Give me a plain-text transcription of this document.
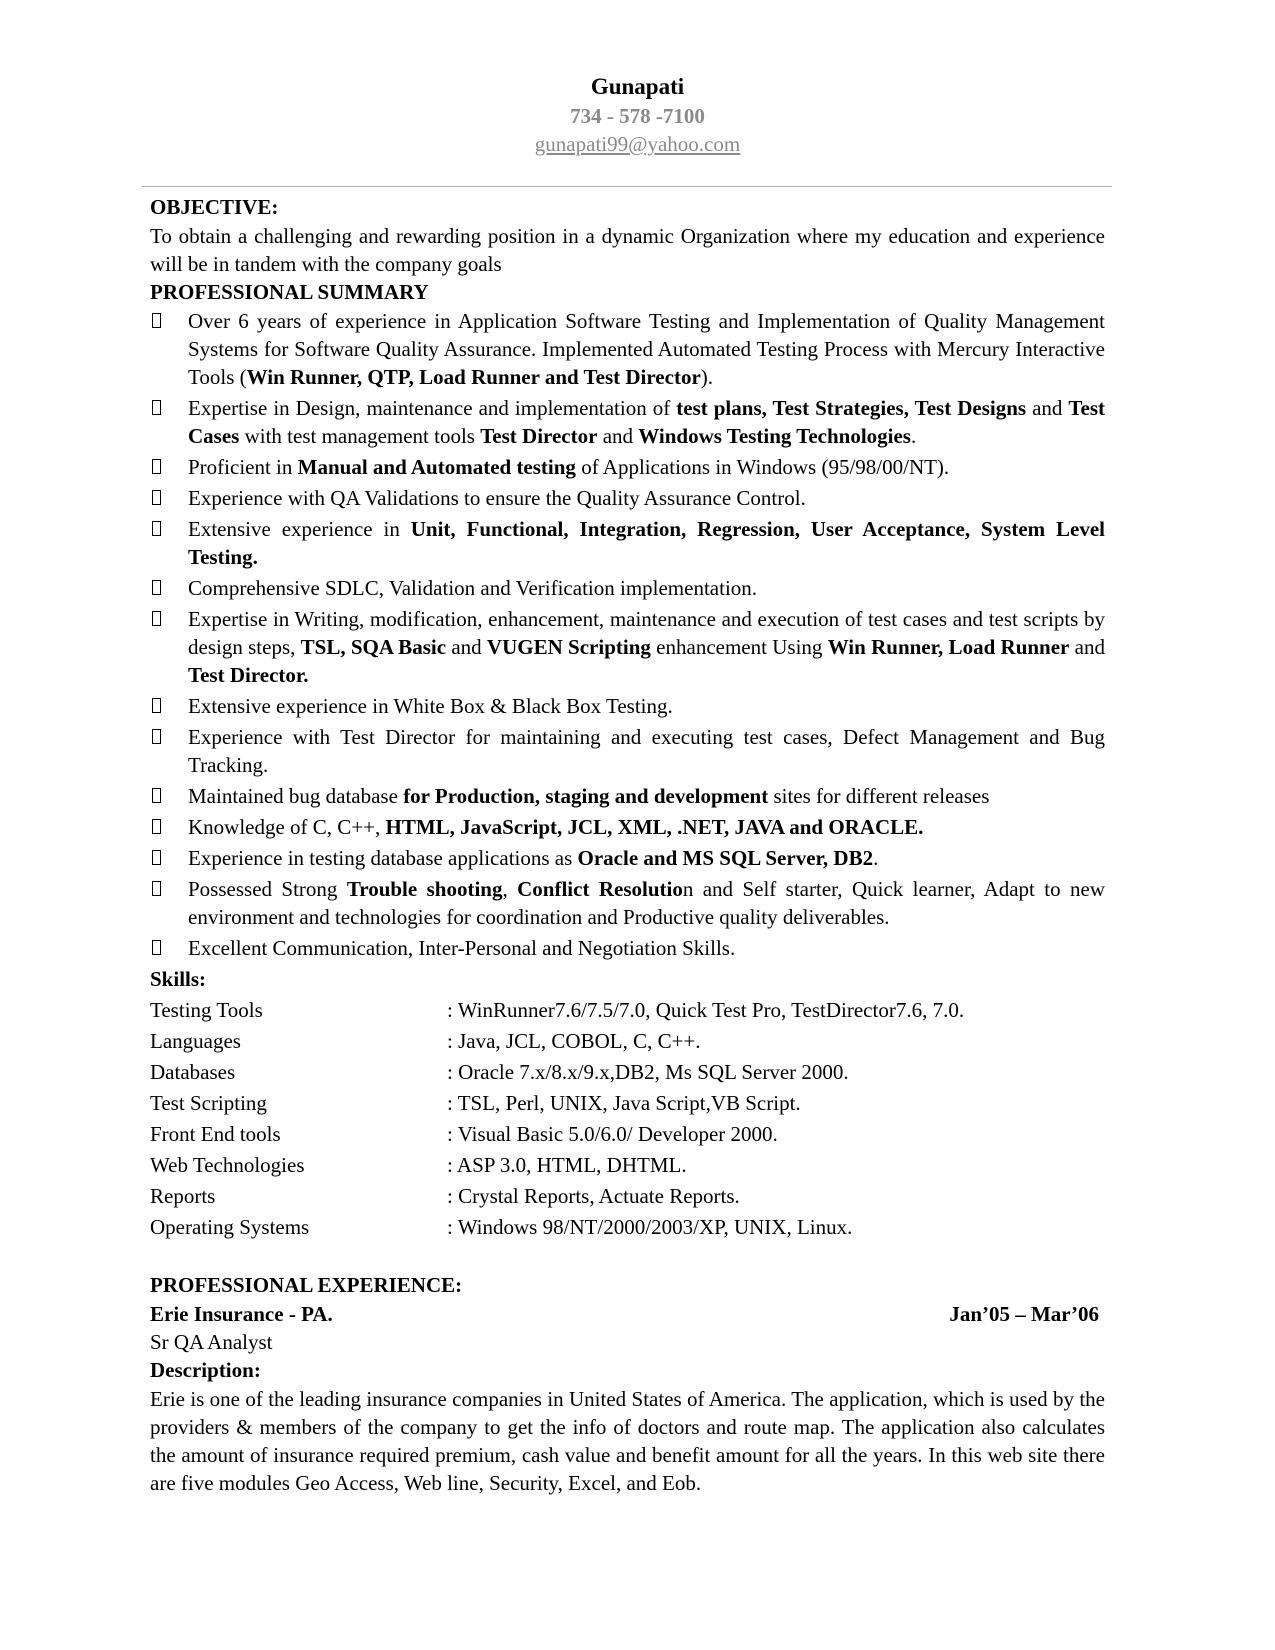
Gunapati
734 - 578 -7100
gunapati99@yahoo.com
OBJECTIVE:
To obtain a challenging and rewarding position in a dynamic Organization where my education and experience will be in tandem with the company goals
PROFESSIONAL SUMMARY
Over 6 years of experience in Application Software Testing and Implementation of Quality Management Systems for Software Quality Assurance. Implemented Automated Testing Process with Mercury Interactive Tools (Win Runner, QTP, Load Runner and Test Director).
Expertise in Design, maintenance and implementation of test plans, Test Strategies, Test Designs and Test Cases with test management tools Test Director and Windows Testing Technologies.
Proficient in Manual and Automated testing of Applications in Windows (95/98/00/NT).
Experience with QA Validations to ensure the Quality Assurance Control.
Extensive experience in Unit, Functional, Integration, Regression, User Acceptance, System Level Testing.
Comprehensive SDLC, Validation and Verification implementation.
Expertise in Writing, modification, enhancement, maintenance and execution of test cases and test scripts by design steps, TSL, SQA Basic and VUGEN Scripting enhancement Using Win Runner, Load Runner and Test Director.
Extensive experience in White Box & Black Box Testing.
Experience with Test Director for maintaining and executing test cases, Defect Management and Bug Tracking.
Maintained bug database for Production, staging and development sites for different releases
Knowledge of C, C++, HTML, JavaScript, JCL, XML, .NET, JAVA and ORACLE.
Experience in testing database applications as Oracle and MS SQL Server, DB2.
Possessed Strong Trouble shooting, Conflict Resolution and Self starter, Quick learner, Adapt to new environment and technologies for coordination and Productive quality deliverables.
Excellent Communication, Inter-Personal and Negotiation Skills.
Skills:
Testing Tools	: WinRunner7.6/7.5/7.0, Quick Test Pro, TestDirector7.6, 7.0.
Languages	: Java, JCL, COBOL, C, C++.
Databases	: Oracle 7.x/8.x/9.x,DB2, Ms SQL Server 2000.
Test Scripting	: TSL, Perl, UNIX, Java Script,VB Script.
Front End tools	: Visual Basic 5.0/6.0/ Developer 2000.
Web Technologies	: ASP 3.0, HTML, DHTML.
Reports	: Crystal Reports, Actuate Reports.
Operating Systems	: Windows 98/NT/2000/2003/XP, UNIX, Linux.
PROFESSIONAL EXPERIENCE:
Erie Insurance - PA.	Jan’05 – Mar’06
Sr QA Analyst
Description:
Erie is one of the leading insurance companies in United States of America. The application, which is used by the providers & members of the company to get the info of doctors and route map. The application also calculates the amount of insurance required premium, cash value and benefit amount for all the years. In this web site there are five modules Geo Access, Web line, Security, Excel, and Eob.
